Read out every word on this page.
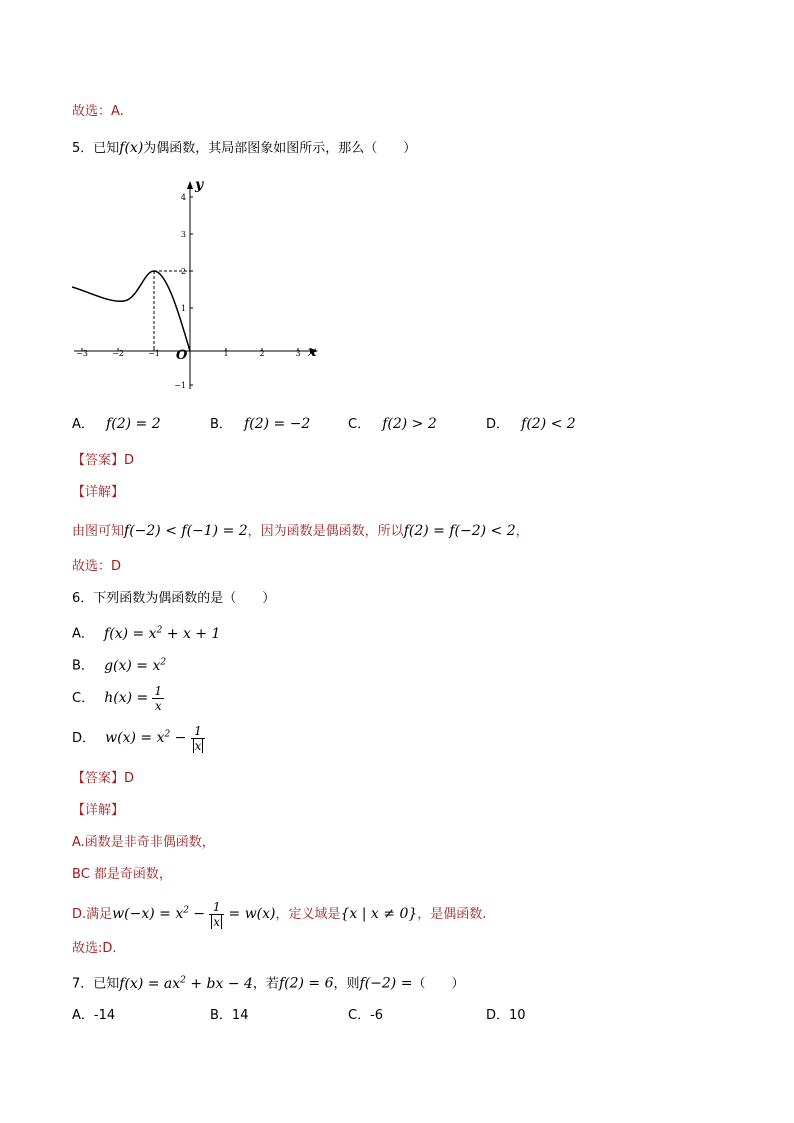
故选：A.
5．已知f(x)为偶函数，其局部图象如图所示，那么（　　）
−3	−2	−1	1	2	3
4
3
2
1
−1
x
y
O
A． f(2) = 2	B． f(2) = −2	C． f(2) > 2	D． f(2) < 2
【答案】D
【详解】
由图可知f(−2) < f(−1) = 2，因为函数是偶函数，所以f(2) = f(−2) < 2，
故选：D
6．下列函数为偶函数的是（　　）
A． $f(x) = x^2 + x + 1$
B． $g(x) = x^2$
C． $h(x) = \frac{1}{x}$
D． $w(x) = x^2 - \frac{1}{x}$
【答案】D
【详解】
A.函数是非奇非偶函数，
BC 都是奇函数，
D.满足$w(-x) = x^2 - \frac{1}{x} = w(x)$，定义域是{x | x ≠ 0}，是偶函数.
故选:D.
7．已知$f(x) = ax^2$ + bx − 4，若f(2) = 6，则f(−2) =（　　）
A．-14	B．14	C．-6	D．10
